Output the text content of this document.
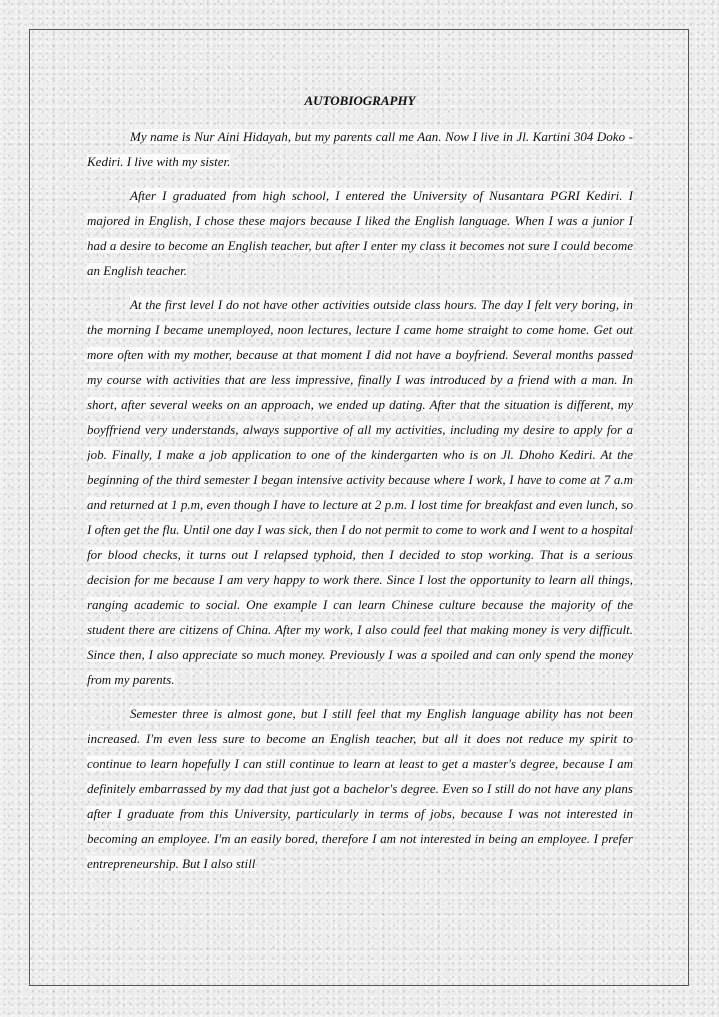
AUTOBIOGRAPHY

My name is Nur Aini Hidayah, but my parents call me Aan. Now I live in Jl. Kartini 304 Doko - Kediri. I live with my sister.

After I graduated from high school, I entered the University of Nusantara PGRI Kediri. I majored in English, I chose these majors because I liked the English language. When I was a junior I had a desire to become an English teacher, but after I enter my class it becomes not sure I could become an English teacher.

At the first level I do not have other activities outside class hours. The day I felt very boring, in the morning I became unemployed, noon lectures, lecture I came home straight to come home. Get out more often with my mother, because at that moment I did not have a boyfriend. Several months passed my course with activities that are less impressive, finally I was introduced by a friend with a man. In short, after several weeks on an approach, we ended up dating. After that the situation is different, my boyffriend very understands, always supportive of all my activities, including my desire to apply for a job. Finally, I make a job application to one of the kindergarten who is on Jl. Dhoho Kediri. At the beginning of the third semester I began intensive activity because where I work, I have to come at 7 a.m and returned at 1 p.m, even though I have to lecture at 2 p.m. I lost time for breakfast and even lunch, so I often get the flu. Until one day I was sick, then I do not permit to come to work and I went to a hospital for blood checks, it turns out I relapsed typhoid, then I decided to stop working. That is a serious decision for me because I am very happy to work there. Since I lost the opportunity to learn all things, ranging academic to social. One example I can learn Chinese culture because the majority of the student there are citizens of China. After my work, I also could feel that making money is very difficult. Since then, I also appreciate so much money. Previously I was a spoiled and can only spend the money from my parents.

Semester three is almost gone, but I still feel that my English language ability has not been increased. I'm even less sure to become an English teacher, but all it does not reduce my spirit to continue to learn hopefully I can still continue to learn at least to get a master's degree, because I am definitely embarrassed by my dad that just got a bachelor's degree. Even so I still do not have any plans after I graduate from this University, particularly in terms of jobs, because I was not interested in becoming an employee. I'm an easily bored, therefore I am not interested in being an employee. I prefer entrepreneurship. But I also still
